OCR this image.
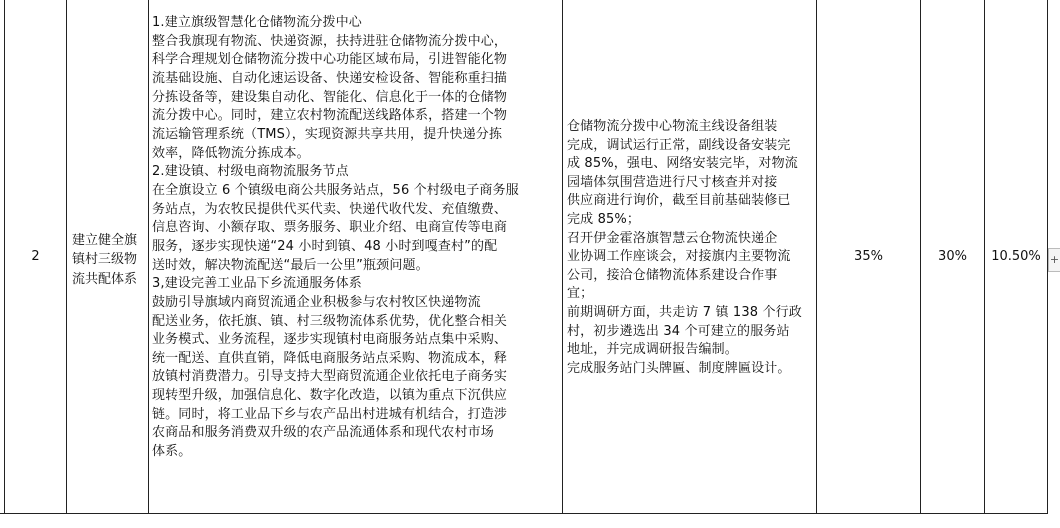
2
建立健全旗镇村三级物流共配体系

1.建立旗级智慧化仓储物流分拨中心

整合我旗现有物流、快递资源，扶持进驻仓储物流分拨中心，

科学合理规划仓储物流分拨中心功能区域布局，引进智能化物

流基础设施、自动化速运设备、快递安检设备、智能称重扫描

分拣设备等，建设集自动化、智能化、信息化于一体的仓储物

流分拨中心。同时，建立农村物流配送线路体系，搭建一个物

流运输管理系统（TMS），实现资源共享共用，提升快递分拣

效率，降低物流分拣成本。

2.建设镇、村级电商物流服务节点

在全旗设立 6 个镇级电商公共服务站点，56 个村级电子商务服

务站点，为农牧民提供代买代卖、快递代收代发、充值缴费、

信息咨询、小额存取、票务服务、职业介绍、电商宣传等电商

服务，逐步实现快递“24 小时到镇、48 小时到嘎查村”的配

送时效，解决物流配送“最后一公里”瓶颈问题。

3,建设完善工业品下乡流通服务体系

鼓励引导旗域内商贸流通企业积极参与农村牧区快递物流

配送业务，依托旗、镇、村三级物流体系优势，优化整合相关

业务模式、业务流程，逐步实现镇村电商服务站点集中采购、

统一配送、直供直销，降低电商服务站点采购、物流成本，释

放镇村消费潜力。引导支持大型商贸流通企业依托电子商务实

现转型升级，加强信息化、数字化改造，以镇为重点下沉供应

链。同时，将工业品下乡与农产品出村进城有机结合，打造涉

农商品和服务消费双升级的农产品流通体系和现代农村市场

体系。

仓储物流分拨中心物流主线设备组装

完成，调试运行正常，副线设备安装完

成 85%，强电、网络安装完毕，对物流

园墙体氛围营造进行尺寸核查并对接

供应商进行询价，截至目前基础装修已

完成 85%；

召开伊金霍洛旗智慧云仓物流快递企

业协调工作座谈会，对接旗内主要物流

公司，接洽仓储物流体系建设合作事

宜；

前期调研方面，共走访 7 镇 138 个行政

村，初步遴选出 34 个可建立的服务站

地址，并完成调研报告编制。

完成服务站门头牌匾、制度牌匾设计。

35%	30% 10.50% +
